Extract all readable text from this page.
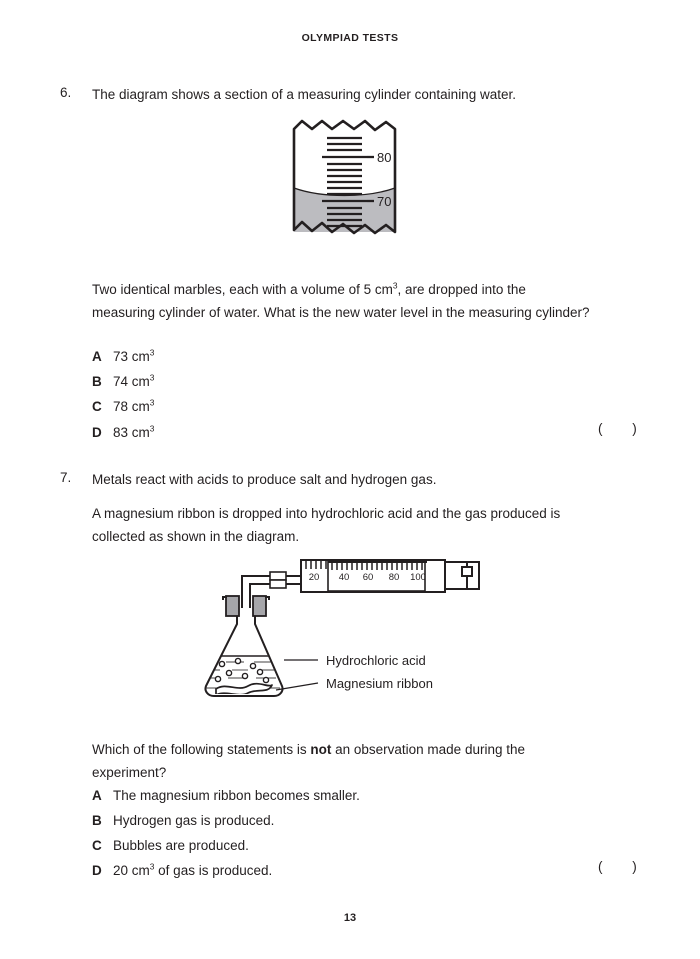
OLYMPIAD TESTS
6. The diagram shows a section of a measuring cylinder containing water.
80
70
Two identical marbles, each with a volume of 5 $cm^3$, are dropped into the measuring cylinder of water. What is the new water level in the measuring cylinder?
A 73 $cm^3$
B 74 $cm^3$
C 78 $cm^3$
D 83 $cm^3$	( )
7. Metals react with acids to produce salt and hydrogen gas.
A magnesium ribbon is dropped into hydrochloric acid and the gas produced is collected as shown in the diagram.
20 40 60 80 100
Hydrochloric acid
Magnesium ribbon
Which of the following statements is not an observation made during the experiment?
A The magnesium ribbon becomes smaller.
B Hydrogen gas is produced.
C Bubbles are produced.
D 20 $cm^3$ of gas is produced.	( )
13
